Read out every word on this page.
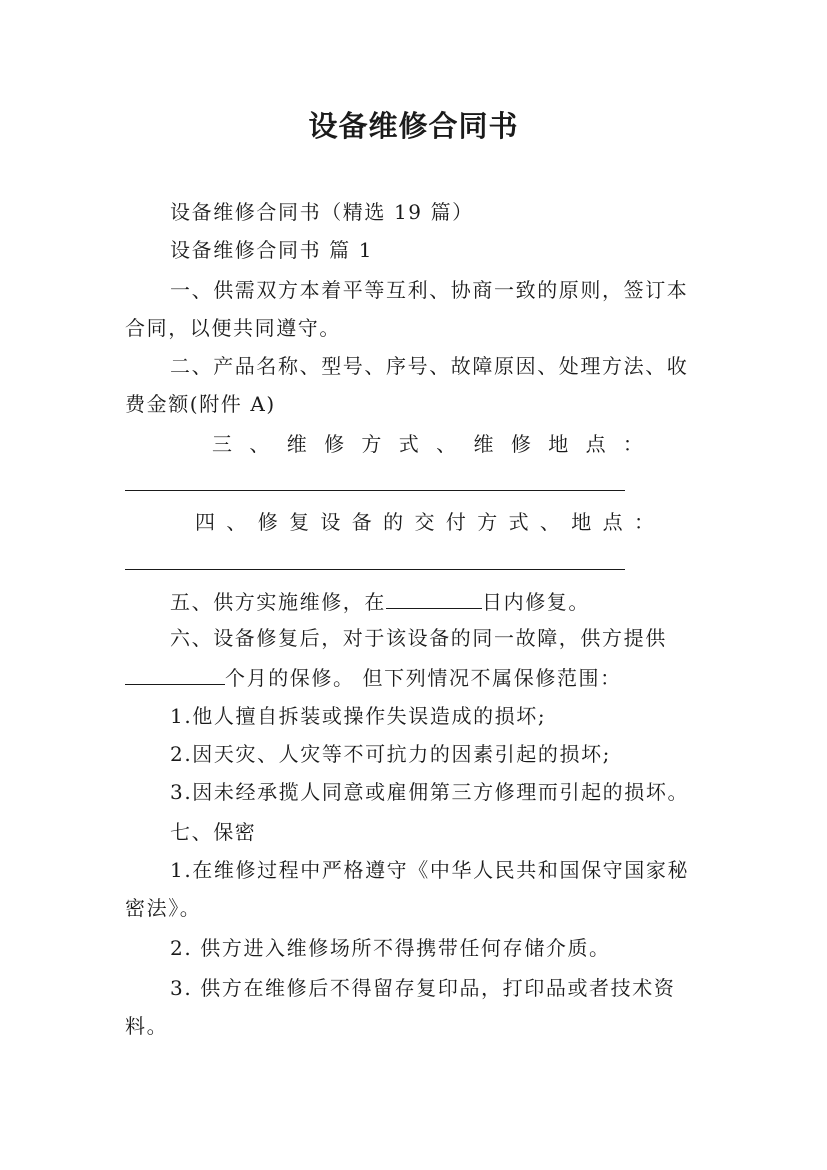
设备维修合同书
设备维修合同书（精选 19 篇）
设备维修合同书 篇 1
一、供需双方本着平等互利、协商一致的原则，签订本
合同，以便共同遵守。
二、产品名称、型号、序号、故障原因、处理方法、收
费金额(附件 A)
三 、 维 修 方 式 、 维 修 地 点 ：
四 、 修 复 设 备 的 交 付 方 式 、 地 点 ：
五、供方实施维修，在	日内修复。
六、设备修复后，对于该设备的同一故障，供方提供
个月的保修。 但下列情况不属保修范围：
1.他人擅自拆装或操作失误造成的损坏;
2.因天灾、人灾等不可抗力的因素引起的损坏;
3.因未经承揽人同意或雇佣第三方修理而引起的损坏。
七、保密
1.在维修过程中严格遵守《中华人民共和国保守国家秘
密法》。
2. 供方进入维修场所不得携带任何存储介质。
3. 供方在维修后不得留存复印品，打印品或者技术资
料。
